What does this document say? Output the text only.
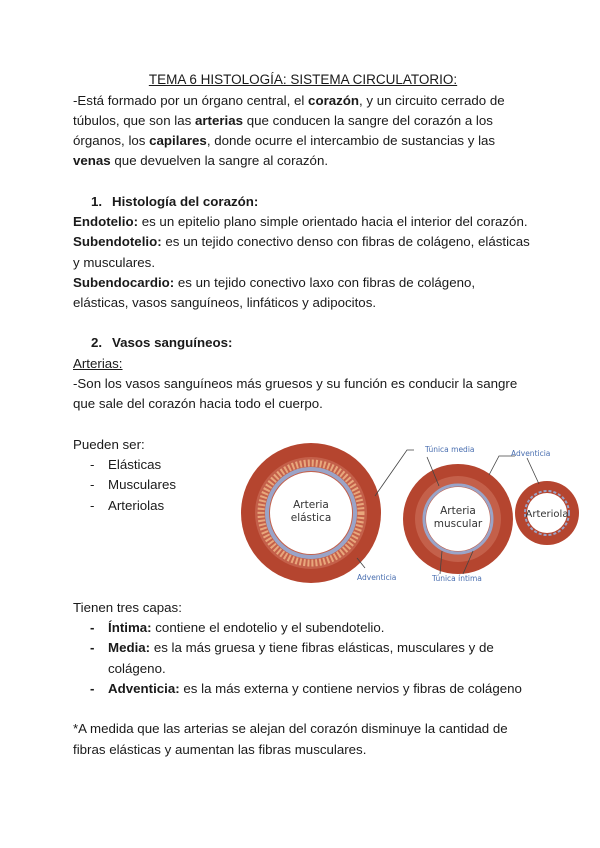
TEMA 6 HISTOLOGÍA: SISTEMA CIRCULATORIO:

-Está formado por un órgano central, el corazón, y un circuito cerrado de túbulos, que son las arterias que conducen la sangre del corazón a los órganos, los capilares, donde ocurre el intercambio de sustancias y las venas que devuelven la sangre al corazón.

1. Histología del corazón:

Endotelio: es un epitelio plano simple orientado hacia el interior del corazón.

Subendotelio: es un tejido conectivo denso con fibras de colágeno, elásticas y musculares.

Subendocardio: es un tejido conectivo laxo con fibras de colágeno, elásticas, vasos sanguíneos, linfáticos y adipocitos.

2. Vasos sanguíneos:

Arterias:

-Son los vasos sanguíneos más gruesos y su función es conducir la sangre que sale del corazón hacia todo el cuerpo.

Pueden ser:

- Elásticas
- Musculares
- Arteriolas

Tienen tres capas:

- Íntima: contiene el endotelio y el subendotelio.
- Media: es la más gruesa y tiene fibras elásticas, musculares y de colágeno.
- Adventicia: es la más externa y contiene nervios y fibras de colágeno

*A medida que las arterias se alejan del corazón disminuye la cantidad de fibras elásticas y aumentan las fibras musculares.

Arteria
elástica
Arteria
muscular
Arteriola
Túnica media	Adventicia
Adventicia	Túnica íntima
